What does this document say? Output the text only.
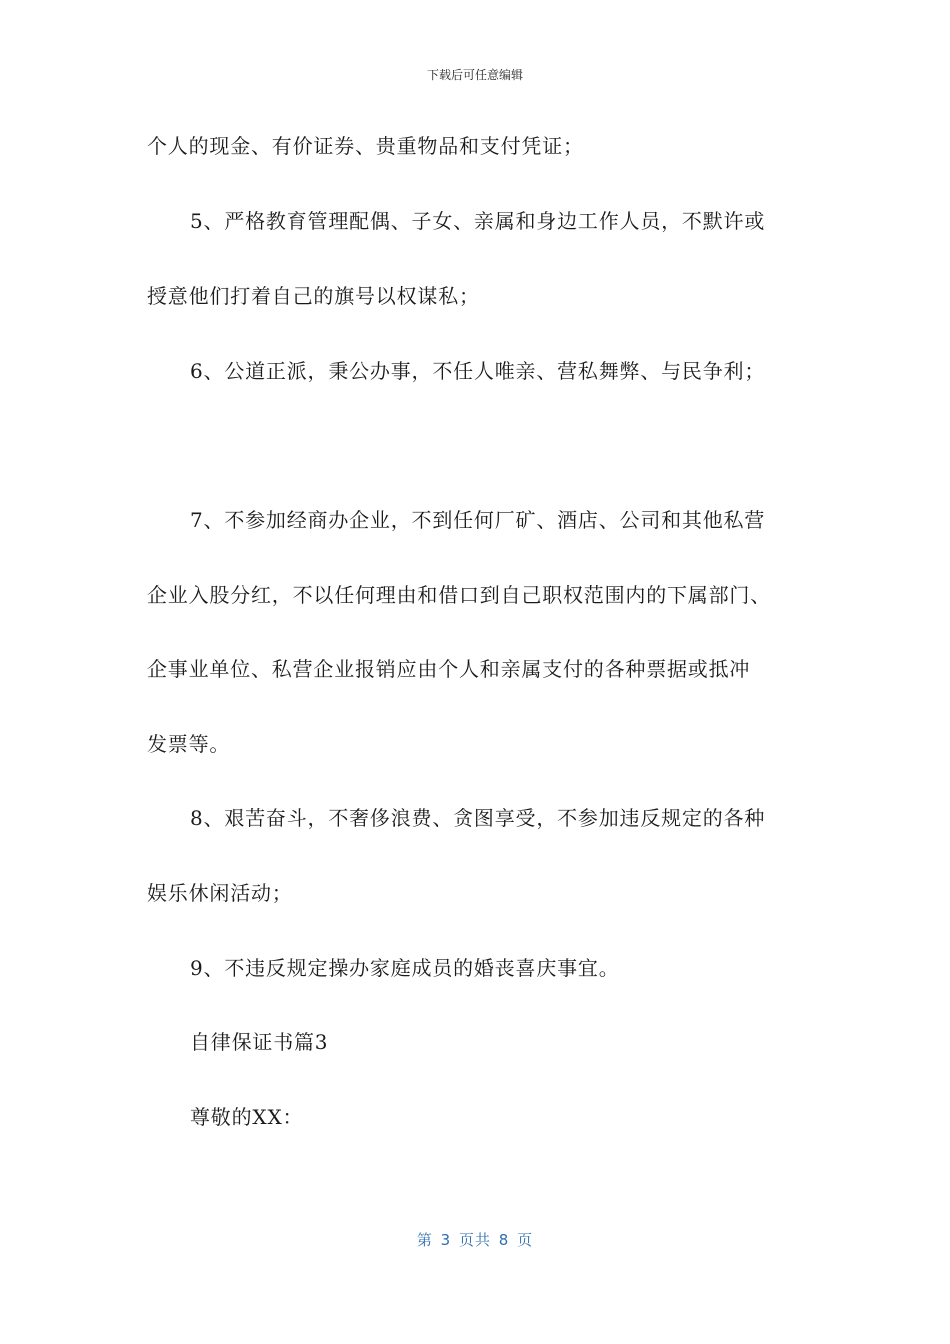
下载后可任意编辑
个人的现金、有价证券、贵重物品和支付凭证；
5、严格教育管理配偶、子女、亲属和身边工作人员，不默许或
授意他们打着自己的旗号以权谋私；
6、公道正派，秉公办事，不任人唯亲、营私舞弊、与民争利；
7、不参加经商办企业，不到任何厂矿、酒店、公司和其他私营
企业入股分红，不以任何理由和借口到自己职权范围内的下属部门、
企事业单位、私营企业报销应由个人和亲属支付的各种票据或抵冲
发票等。
8、艰苦奋斗，不奢侈浪费、贪图享受，不参加违反规定的各种
娱乐休闲活动；
9、不违反规定操办家庭成员的婚丧喜庆事宜。
自律保证书篇3
尊敬的XX：
第 3 页共 8 页
